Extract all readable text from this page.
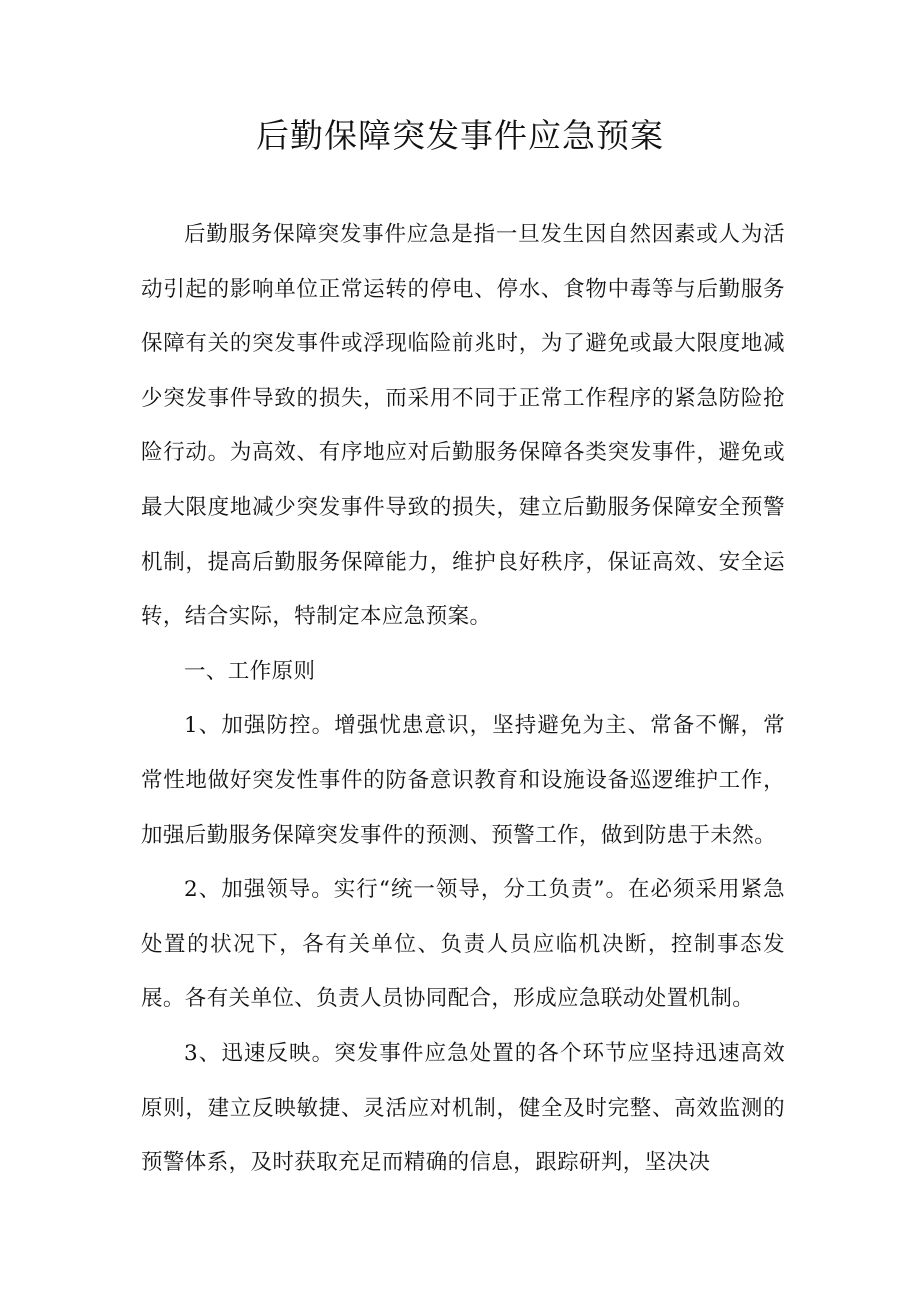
后勤保障突发事件应急预案

后勤服务保障突发事件应急是指一旦发生因自然因素或人为活动引起的影响单位正常运转的停电、停水、食物中毒等与后勤服务保障有关的突发事件或浮现临险前兆时，为了避免或最大限度地减少突发事件导致的损失，而采用不同于正常工作程序的紧急防险抢险行动。为高效、有序地应对后勤服务保障各类突发事件，避免或最大限度地减少突发事件导致的损失，建立后勤服务保障安全预警机制，提高后勤服务保障能力，维护良好秩序，保证高效、安全运转，结合实际，特制定本应急预案。

一、工作原则

1、加强防控。增强忧患意识，坚持避免为主、常备不懈，常常性地做好突发性事件的防备意识教育和设施设备巡逻维护工作，加强后勤服务保障突发事件的预测、预警工作，做到防患于未然。

2、加强领导。实行“统一领导，分工负责”。在必须采用紧急处置的状况下，各有关单位、负责人员应临机决断，控制事态发展。各有关单位、负责人员协同配合，形成应急联动处置机制。

3、迅速反映。突发事件应急处置的各个环节应坚持迅速高效原则，建立反映敏捷、灵活应对机制，健全及时完整、高效监测的预警体系，及时获取充足而精确的信息，跟踪研判，坚决决
